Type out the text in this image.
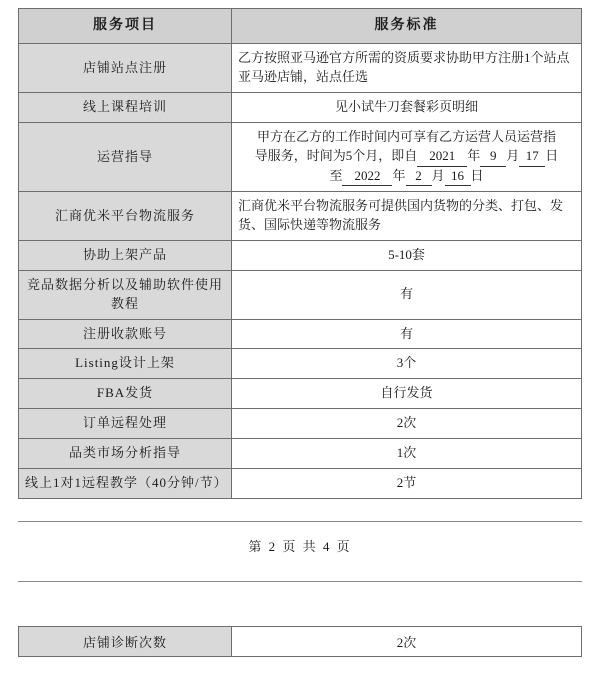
服务项目	服务标准
店铺站点注册	乙方按照亚马逊官方所需的资质要求协助甲方注册1个站点亚马逊店铺，站点任选
线上课程培训	见小试牛刀套餐彩页明细
运营指导	甲方在乙方的工作时间内可享有乙方运营人员运营指
导服务，时间为5个月，即自 2021 年 9 月 17 日
至 2022 年 2 月 16 日

汇商优米平台物流服务	汇商优米平台物流服务可提供国内货物的分类、打包、发货、国际快递等物流服务
协助上架产品	5-10套
竞品数据分析以及辅助软件使用教程	有
注册收款账号	有
Listing设计上架	3个
FBA发货	自行发货
订单远程处理	2次
品类市场分析指导	1次
线上1对1远程教学（40分钟/节）	2节
第 2 页 共 4 页
店铺诊断次数	2次
